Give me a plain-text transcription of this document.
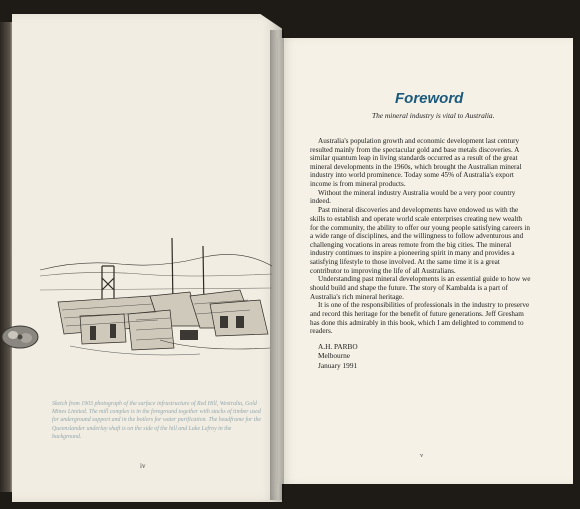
Sketch from 1903 photograph of the surface infrastructure of Red Hill, Westralia, Gold Mines Limited. The mill complex is in the foreground together with stacks of timber used for underground support and in the boilers for water purification. The headframe for the Queenslander underlay shaft is on the side of the hill and Lake Lefroy in the background.

iv
Foreword

The mineral industry is vital to Australia.

Australia's population growth and economic development last century resulted mainly from the spectacular gold and base metals discoveries. A similar quantum leap in living standards occurred as a result of the great mineral developments in the 1960s, which brought the Australian mineral industry into world prominence. Today some 45% of Australia's export income is from mineral products.

Without the mineral industry Australia would be a very poor country indeed.

Past mineral discoveries and developments have endowed us with the skills to establish and operate world scale enterprises creating new wealth for the community, the ability to offer our young people satisfying careers in a wide range of disciplines, and the willingness to follow adventurous and challenging vocations in areas remote from the big cities. The mineral industry continues to inspire a pioneering spirit in many and provides a satisfying lifestyle to those involved. At the same time it is a great contributor to improving the life of all Australians.

Understanding past mineral developments is an essential guide to how we should build and shape the future. The story of Kambalda is a part of Australia's rich mineral heritage.

It is one of the responsibilities of professionals in the industry to preserve and record this heritage for the benefit of future generations. Jeff Gresham has done this admirably in this book, which I am delighted to commend to readers.

A.H. PARBO
Melbourne
January 1991
v
